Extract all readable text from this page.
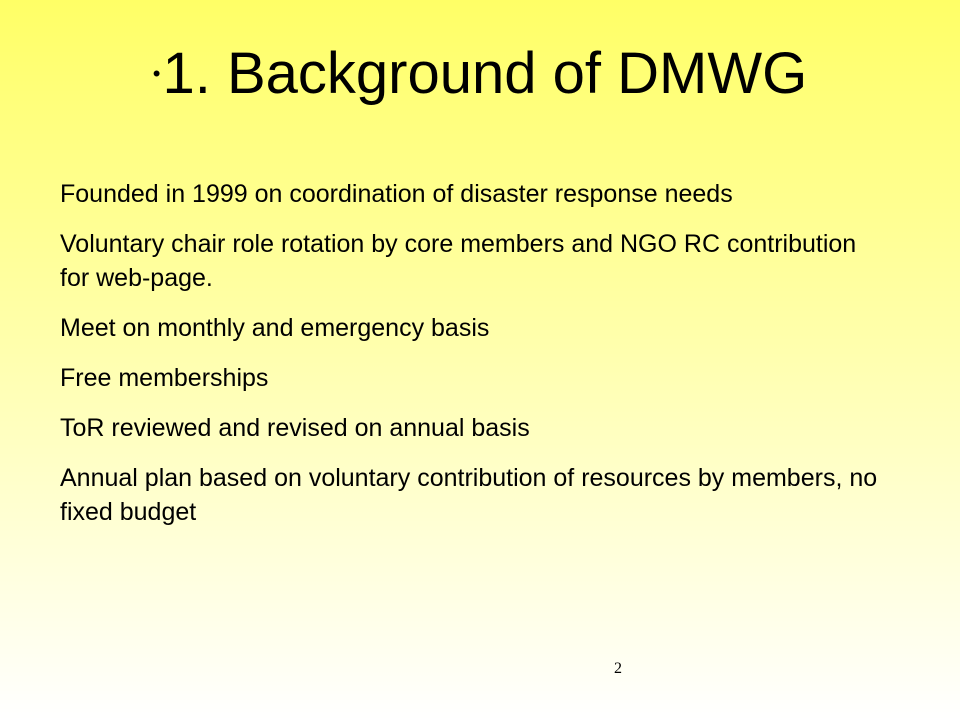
•1. Background of DMWG
Founded in 1999 on coordination of disaster response needs
Voluntary chair role rotation by core members and NGO RC contribution for web-page.
Meet on monthly and emergency basis
Free memberships
ToR reviewed and revised on annual basis
Annual plan based on voluntary contribution of resources by members, no fixed budget
2
